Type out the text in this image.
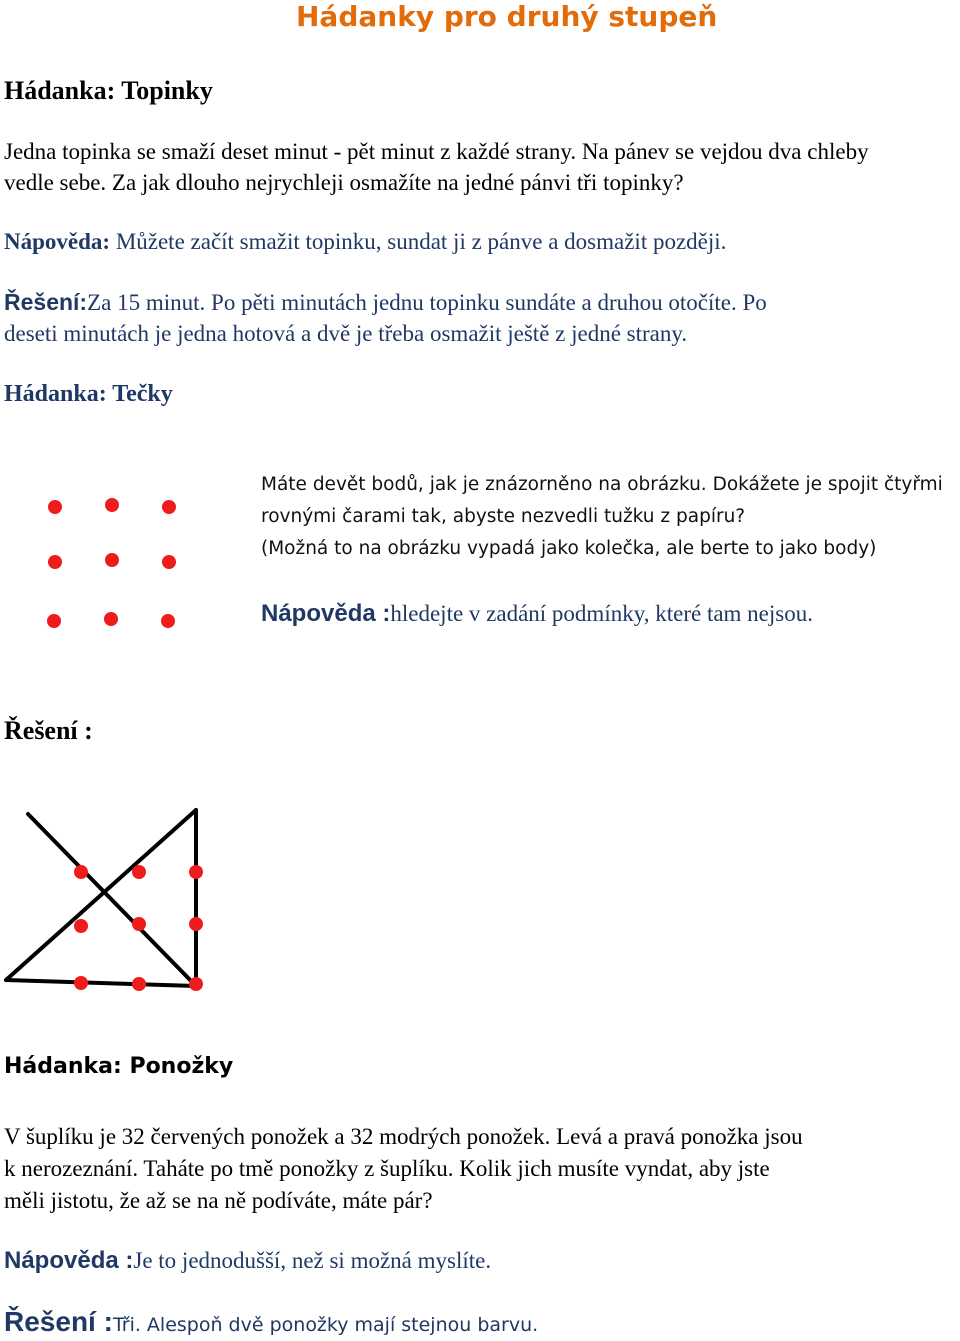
Hádanky pro druhý stupeň
Hádanka: Topinky
Jedna topinka se smaží deset minut - pět minut z každé strany. Na pánev se vejdou dva chleby
vedle sebe. Za jak dlouho nejrychleji osmažíte na jedné pánvi tři topinky?
Nápověda: Můžete začít smažit topinku, sundat ji z pánve a dosmažit později.
Řešení:Za 15 minut. Po pěti minutách jednu topinku sundáte a druhou otočíte. Po
deseti minutách je jedna hotová a dvě je třeba osmažit ještě z jedné strany.
Hádanka: Tečky
Máte devět bodů, jak je znázorněno na obrázku. Dokážete je spojit čtyřmi
rovnými čarami tak, abyste nezvedli tužku z papíru?
(Možná to na obrázku vypadá jako kolečka, ale berte to jako body)
Nápověda :hledejte v zadání podmínky, které tam nejsou.
Řešení :
Hádanka: Ponožky
V šuplíku je 32 červených ponožek a 32 modrých ponožek. Levá a pravá ponožka jsou
k nerozeznání. Taháte po tmě ponožky z šuplíku. Kolik jich musíte vyndat, aby jste
měli jistotu, že až se na ně podíváte, máte pár?
Nápověda :Je to jednodušší, než si možná myslíte.
Řešení :Tři. Alespoň dvě ponožky mají stejnou barvu.
